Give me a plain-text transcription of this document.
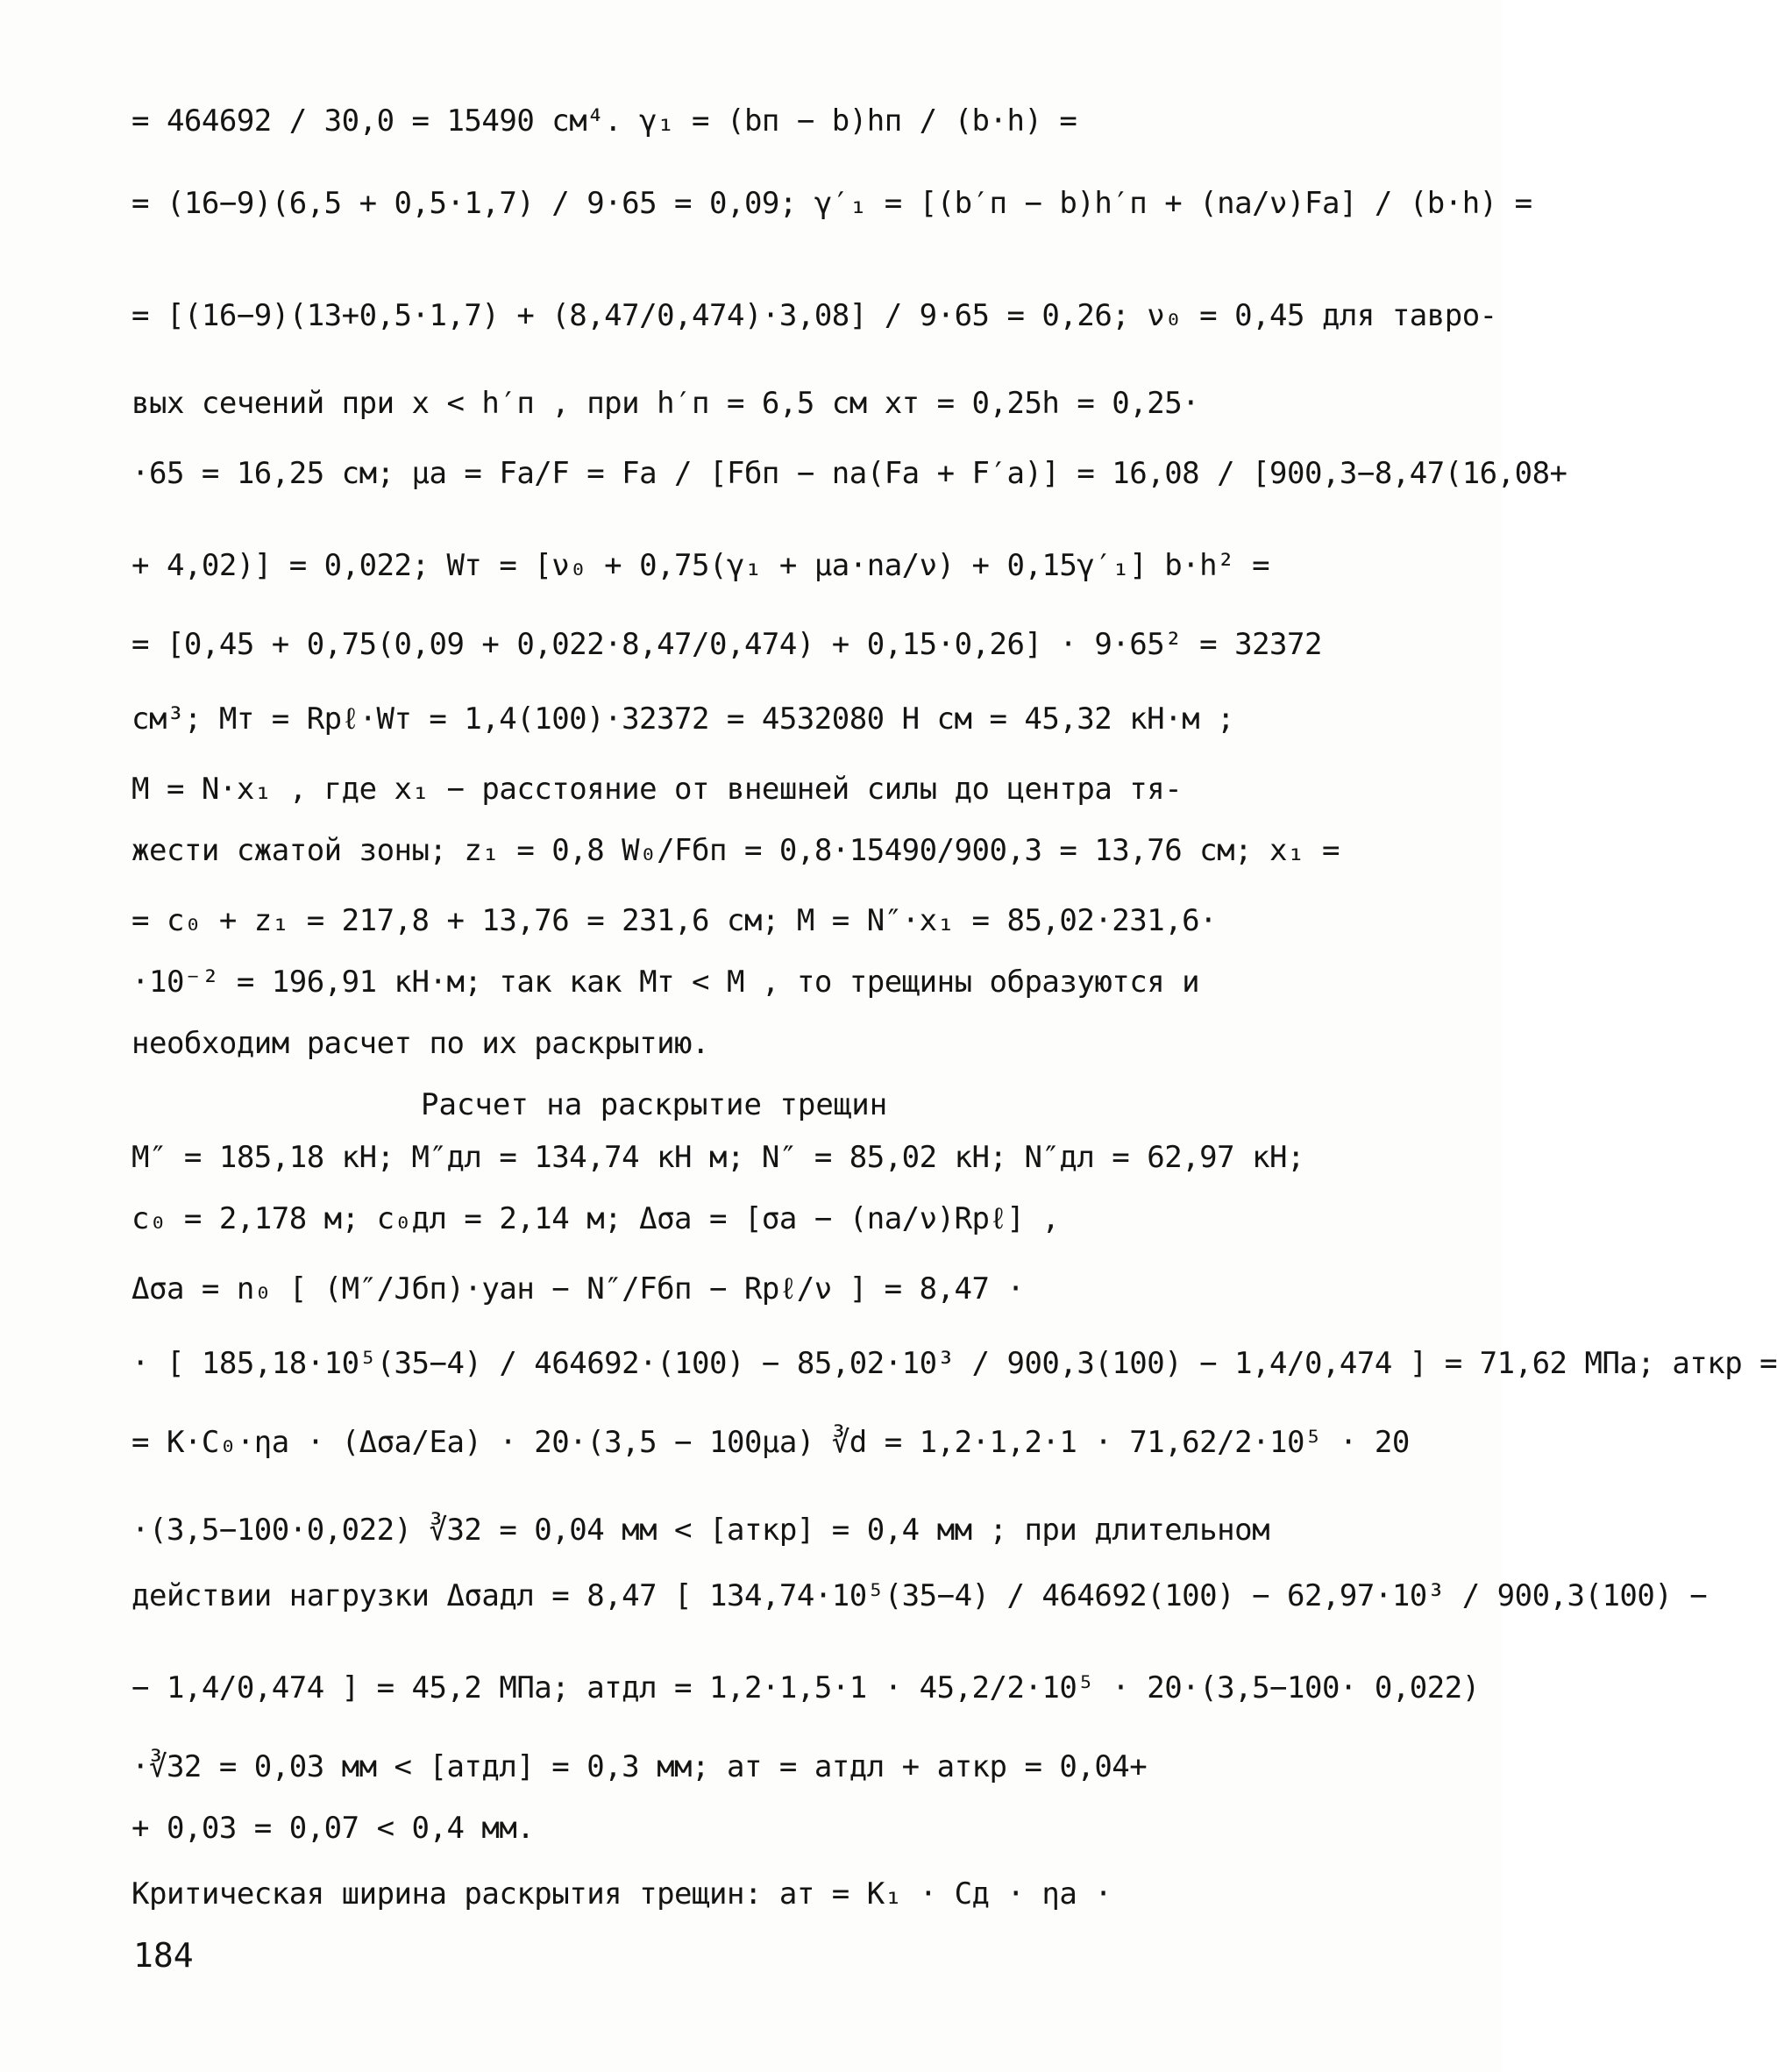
= 464692 / 30,0 = 15490 см⁴. γ₁ = (bп − b)hп / (b·h) =
= (16−9)(6,5 + 0,5·1,7) / 9·65 = 0,09; γ′₁ = [(b′п − b)h′п + (nа/ν)Fа] / (b·h) =
= [(16−9)(13+0,5·1,7) + (8,47/0,474)·3,08] / 9·65 = 0,26; ν₀ = 0,45 для тавро-
вых сечений при x < h′п , при h′п = 6,5 см xт = 0,25h = 0,25·
·65 = 16,25 см; μа = Fа/F = Fа / [Fбп − nа(Fа + F′а)] = 16,08 / [900,3−8,47(16,08+
+ 4,02)] = 0,022; Wт = [ν₀ + 0,75(γ₁ + μа·nа/ν) + 0,15γ′₁] b·h² =
= [0,45 + 0,75(0,09 + 0,022·8,47/0,474) + 0,15·0,26] · 9·65² = 32372
см³; Mт = Rpℓ·Wт = 1,4(100)·32372 = 4532080 Н см = 45,32 кН·м ;
M = N·x₁ , где x₁ − расстояние от внешней силы до центра тя-
жести сжатой зоны; z₁ = 0,8 W₀/Fбп = 0,8·15490/900,3 = 13,76 см; x₁ =
= c₀ + z₁ = 217,8 + 13,76 = 231,6 см; M = N″·x₁ = 85,02·231,6·
·10⁻² = 196,91 кН·м; так как Mт < M , то трещины образуются и
необходим расчет по их раскрытию.
Расчет на раскрытие трещин
M″ = 185,18 кН; M″дл = 134,74 кН м; N″ = 85,02 кН; N″дл = 62,97 кН;
c₀ = 2,178 м; c₀дл = 2,14 м; Δσа = [σа − (nа/ν)Rpℓ] ,
Δσа = n₀ [ (M″/Jбп)·yан − N″/Fбп − Rpℓ/ν ] = 8,47 ·
· [ 185,18·10⁵(35−4) / 464692·(100) − 85,02·10³ / 900,3(100) − 1,4/0,474 ] = 71,62 МПа; aткр =
= K·C₀·ηа · (Δσа/Eа) · 20·(3,5 − 100μа) ∛d = 1,2·1,2·1 · 71,62/2·10⁵ · 20
·(3,5−100·0,022) ∛32 = 0,04 мм < [aткр] = 0,4 мм ; при длительном
действии нагрузки Δσадл = 8,47 [ 134,74·10⁵(35−4) / 464692(100) − 62,97·10³ / 900,3(100) −
− 1,4/0,474 ] = 45,2 МПа; aтдл = 1,2·1,5·1 · 45,2/2·10⁵ · 20·(3,5−100· 0,022)
·∛32 = 0,03 мм < [aтдл] = 0,3 мм; aт = aтдл + aткр = 0,04+
+ 0,03 = 0,07 < 0,4 мм.
Критическая ширина раскрытия трещин: aт = K₁ · Cд · ηа ·
184
